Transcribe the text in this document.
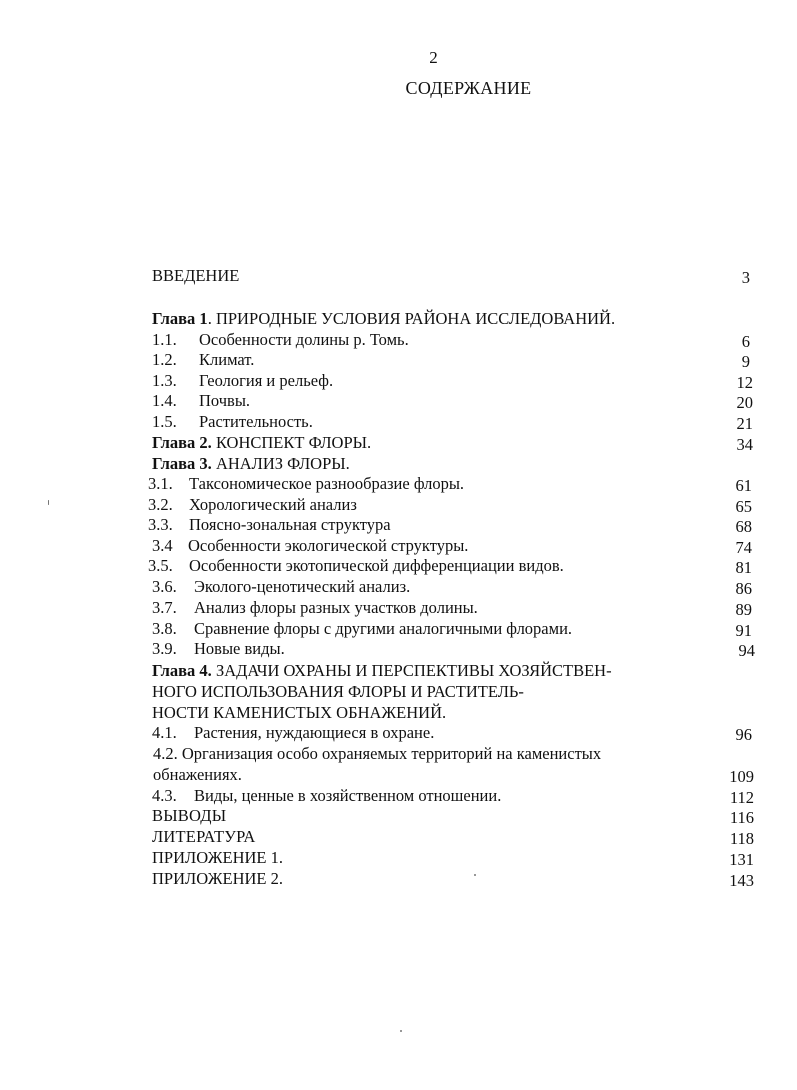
2
СОДЕРЖАНИЕ
ВВЕДЕНИЕ	3
Глава 1. ПРИРОДНЫЕ УСЛОВИЯ РАЙОНА ИССЛЕДОВАНИЙ.
1.1. Особенности долины р. Томь.	6
1.2. Климат.	9
1.3. Геология и рельеф.	12
1.4. Почвы.	20
1.5. Растительность.	21
Глава 2. КОНСПЕКТ ФЛОРЫ.	34
Глава 3. АНАЛИЗ ФЛОРЫ.
3.1. Таксономическое разнообразие флоры.	61
3.2. Хорологический анализ	65
3.3. Поясно-зональная структура	68
3.4 Особенности экологической структуры.	74
3.5. Особенности экотопической дифференциации видов.	81
3.6. Эколого-ценотический анализ.	86
3.7. Анализ флоры разных участков долины.	89
3.8. Сравнение флоры с другими аналогичными флорами.	91
3.9. Новые виды.	94
Глава 4. ЗАДАЧИ ОХРАНЫ И ПЕРСПЕКТИВЫ ХОЗЯЙСТВЕН-
НОГО ИСПОЛЬЗОВАНИЯ ФЛОРЫ И РАСТИТЕЛЬ-
НОСТИ КАМЕНИСТЫХ ОБНАЖЕНИЙ.
4.1. Растения, нуждающиеся в охране.	96
4.2. Организация особо охраняемых территорий на каменистых
обнажениях.	109
4.3. Виды, ценные в хозяйственном отношении.	112
ВЫВОДЫ	116
ЛИТЕРАТУРА	118
ПРИЛОЖЕНИЕ 1.	131
ПРИЛОЖЕНИЕ 2.	143
